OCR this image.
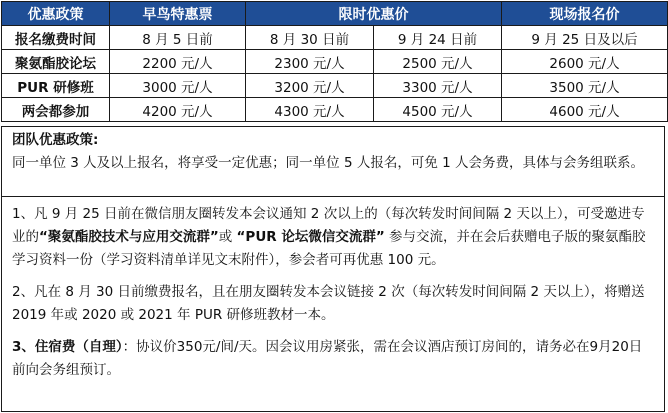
优惠政策	早鸟特惠票	限时优惠价		现场报名价
报名缴费时间	8 月 5 日前	8 月 30 日前	9 月 24 日前	9 月 25 日及以后
聚氨酯胶论坛	2200 元/人	2300 元/人	2500 元/人	2600 元/人
PUR 研修班	3000 元/人	3200 元/人	3300 元/人	3500 元/人
两会都参加	4200 元/人	4300 元/人	4500 元/人	4600 元/人
团队优惠政策:
同一单位 3 人及以上报名，将享受一定优惠；同一单位 5 人报名，可免 1 人会务费，具体与会务组联系。

1、凡 9 月 25 日前在微信朋友圈转发本会议通知 2 次以上的（每次转发时间间隔 2 天以上），可受邀进专业的“聚氨酯胶技术与应用交流群”或 “PUR 论坛微信交流群” 参与交流，并在会后获赠电子版的聚氨酯胶学习资料一份（学习资料清单详见文末附件），参会者可再优惠 100 元。

2、凡在 8 月 30 日前缴费报名，且在朋友圈转发本会议链接 2 次（每次转发时间间隔 2 天以上），将赠送 2019 年或 2020 或 2021 年 PUR 研修班教材一本。

3、住宿费（自理）：协议价350元/间/天。因会议用房紧张，需在会议酒店预订房间的，请务必在9月20日前向会务组预订。
